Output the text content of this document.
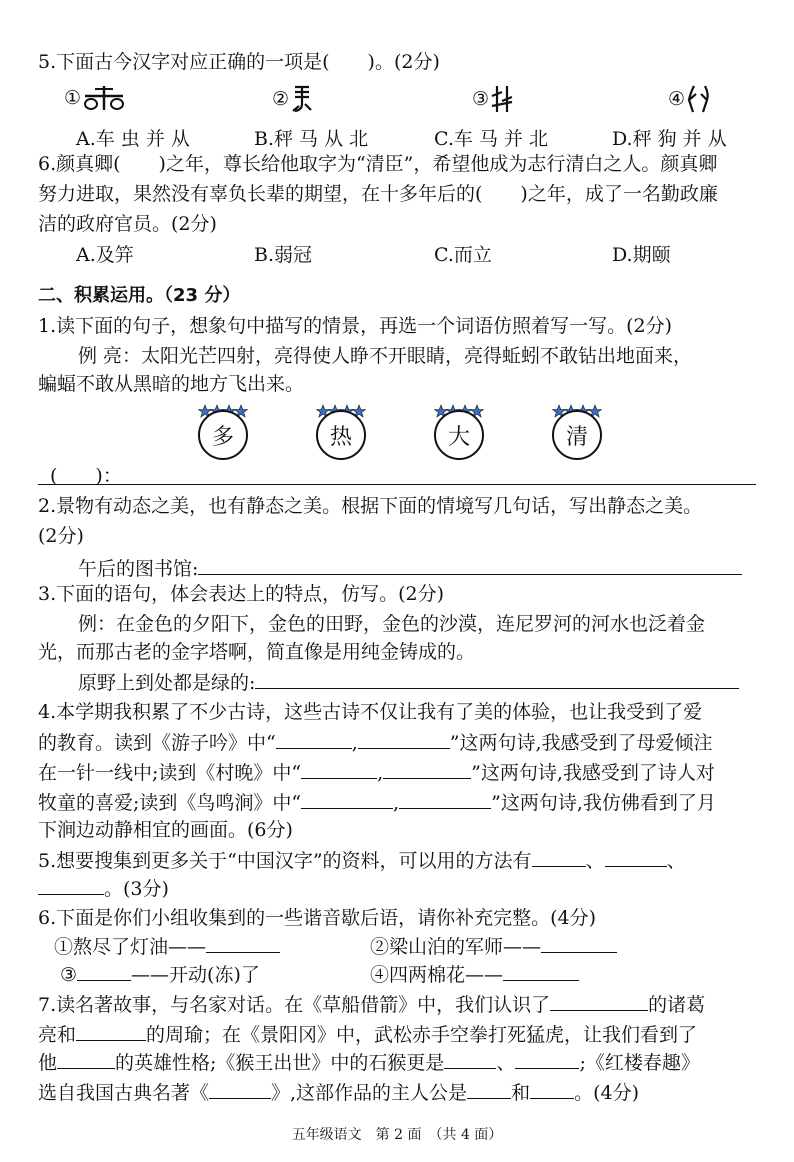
5.下面古今汉字对应正确的一项是(　　)。(2分)
①	②	③	④
A.车 虫 并 从	B.秤 马 从 北	C.车 马 并 北	D.秤 狗 并 从
6.颜真卿(　　)之年，尊长给他取字为“清臣”，希望他成为志行清白之人。颜真卿
努力进取，果然没有辜负长辈的期望，在十多年后的(　　)之年，成了一名勤政廉
洁的政府官员。(2分)
A.及笄	B.弱冠	C.而立	D.期颐
二、积累运用。（23 分）
1.读下面的句子，想象句中描写的情景，再选一个词语仿照着写一写。(2分)
例 亮：太阳光芒四射，亮得使人睁不开眼睛，亮得蚯蚓不敢钻出地面来，
蝙蝠不敢从黑暗的地方飞出来。
多	热	大	清
(　　)：
2.景物有动态之美，也有静态之美。根据下面的情境写几句话，写出静态之美。
(2分)
午后的图书馆:
3.下面的语句，体会表达上的特点，仿写。(2分)
例：在金色的夕阳下，金色的田野，金色的沙漠，连尼罗河的河水也泛着金
光，而那古老的金字塔啊，简直像是用纯金铸成的。
原野上到处都是绿的:
4.本学期我积累了不少古诗，这些古诗不仅让我有了美的体验，也让我受到了爱
的教育。读到《游子吟》中“	,	”这两句诗,我感受到了母爱倾注
在一针一线中;读到《村晚》中“	,	”这两句诗,我感受到了诗人对
牧童的喜爱;读到《鸟鸣涧》中“	,	”这两句诗,我仿佛看到了月
下涧边动静相宜的画面。(6分)
5.想要搜集到更多关于“中国汉字”的资料，可以用的方法有	、	、
。(3分)
6.下面是你们小组收集到的一些谐音歇后语，请你补充完整。(4分)
①熬尽了灯油——	②梁山泊的军师——
③	——开动(冻)了	④四两棉花——
7.读名著故事，与名家对话。在《草船借箭》中，我们认识了	的诸葛
亮和	的周瑜；在《景阳冈》中，武松赤手空拳打死猛虎，让我们看到了
他	的英雄性格;《猴王出世》中的石猴更是	、	;《红楼春趣》
选自我国古典名著《	》,这部作品的主人公是 和 。(4分)
五年级语文　第 2 面　（共 4 面）
